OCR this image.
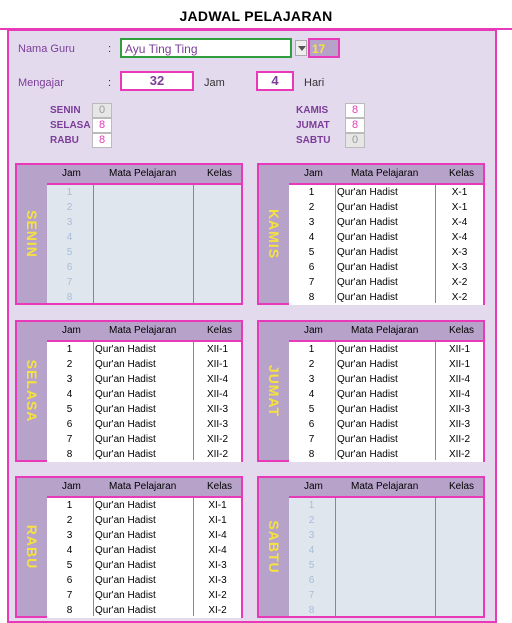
JADWAL PELAJARAN
Nama Guru	:	Ayu Ting Ting	17
Mengajar	:	32	Jam	4	Hari
SENIN	0
SELASA 8
RABU	8
KAMIS	8
JUMAT	8
SABTU	0
SENIN
Jam	Mata Pelajaran	Kelas
1
2
3
4
5
6
7
8
KAMIS
Jam	Mata Pelajaran	Kelas
1	Qur'an Hadist	X-1
2	Qur'an Hadist	X-1
3	Qur'an Hadist	X-4
4	Qur'an Hadist	X-4
5	Qur'an Hadist	X-3
6	Qur'an Hadist	X-3
7	Qur'an Hadist	X-2
8	Qur'an Hadist	X-2
SELASA
Jam	Mata Pelajaran	Kelas
1	Qur'an Hadist	XII-1
2	Qur'an Hadist	XII-1
3	Qur'an Hadist	XII-4
4	Qur'an Hadist	XII-4
5	Qur'an Hadist	XII-3
6	Qur'an Hadist	XII-3
7	Qur'an Hadist	XII-2
8	Qur'an Hadist	XII-2
JUMAT
Jam	Mata Pelajaran	Kelas
1	Qur'an Hadist	XII-1
2	Qur'an Hadist	XII-1
3	Qur'an Hadist	XII-4
4	Qur'an Hadist	XII-4
5	Qur'an Hadist	XII-3
6	Qur'an Hadist	XII-3
7	Qur'an Hadist	XII-2
8	Qur'an Hadist	XII-2
RABU
Jam	Mata Pelajaran	Kelas
1	Qur'an Hadist	XI-1
2	Qur'an Hadist	XI-1
3	Qur'an Hadist	XI-4
4	Qur'an Hadist	XI-4
5	Qur'an Hadist	XI-3
6	Qur'an Hadist	XI-3
7	Qur'an Hadist	XI-2
8	Qur'an Hadist	XI-2
SABTU
Jam	Mata Pelajaran	Kelas
1
2
3
4
5
6
7
8
